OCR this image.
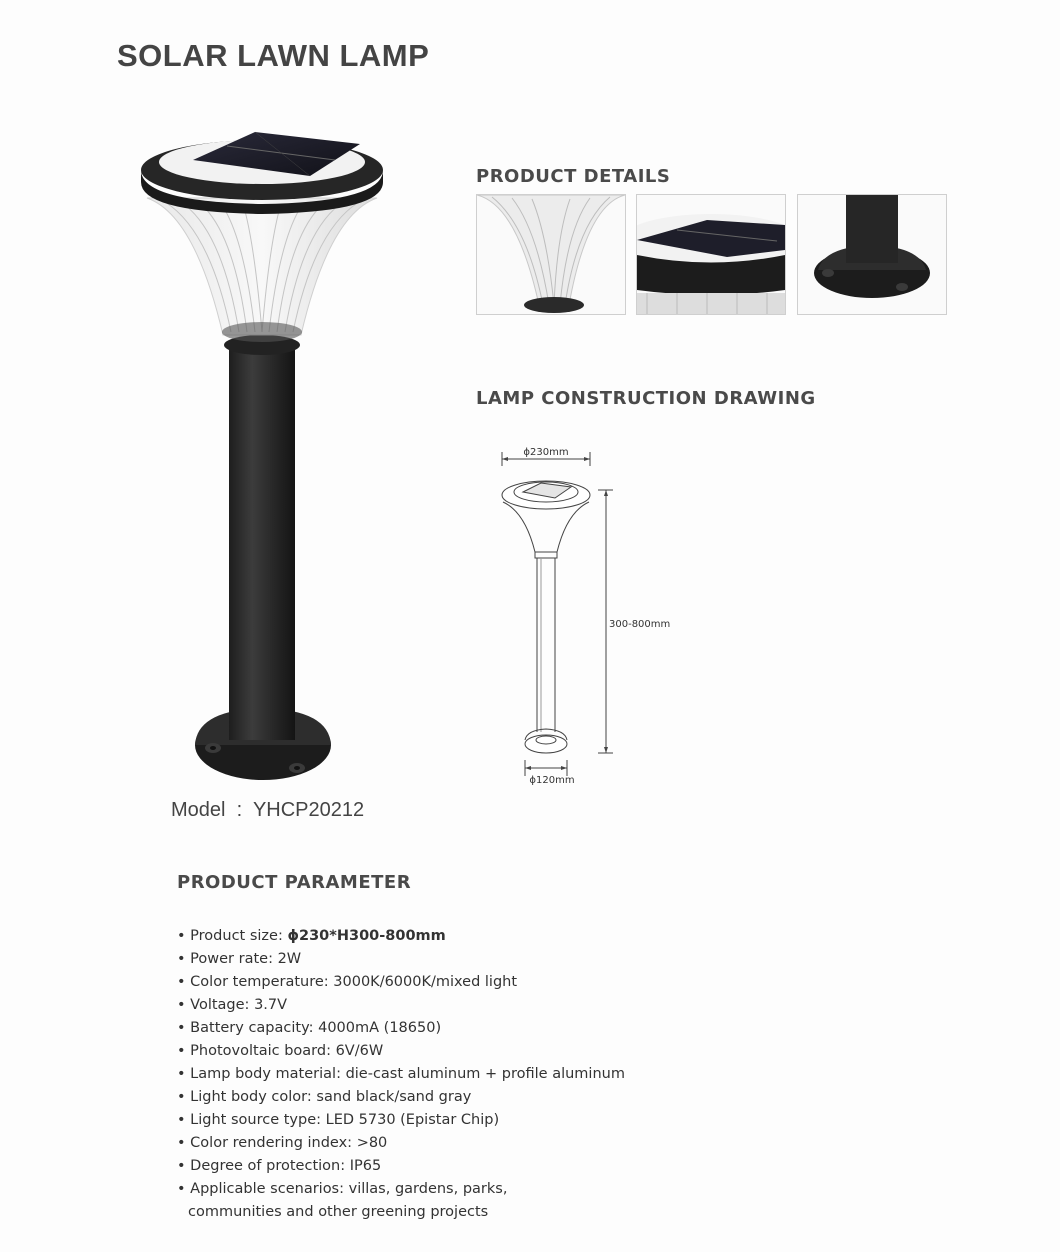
SOLAR LAWN LAMP
Model : YHCP20212
PRODUCT DETAILS
LAMP CONSTRUCTION DRAWING
ϕ230mm
300-800mm
ϕ120mm
PRODUCT PARAMETER
• Product size: ϕ230*H300-800mm
• Power rate: 2W
• Color temperature: 3000K/6000K/mixed light
• Voltage: 3.7V
• Battery capacity: 4000mA (18650)
• Photovoltaic board: 6V/6W
• Lamp body material: die-cast aluminum + profile aluminum
• Light body color: sand black/sand gray
• Light source type: LED 5730 (Epistar Chip)
• Color rendering index: >80
• Degree of protection: IP65
• Applicable scenarios: villas, gardens, parks,
communities and other greening projects
